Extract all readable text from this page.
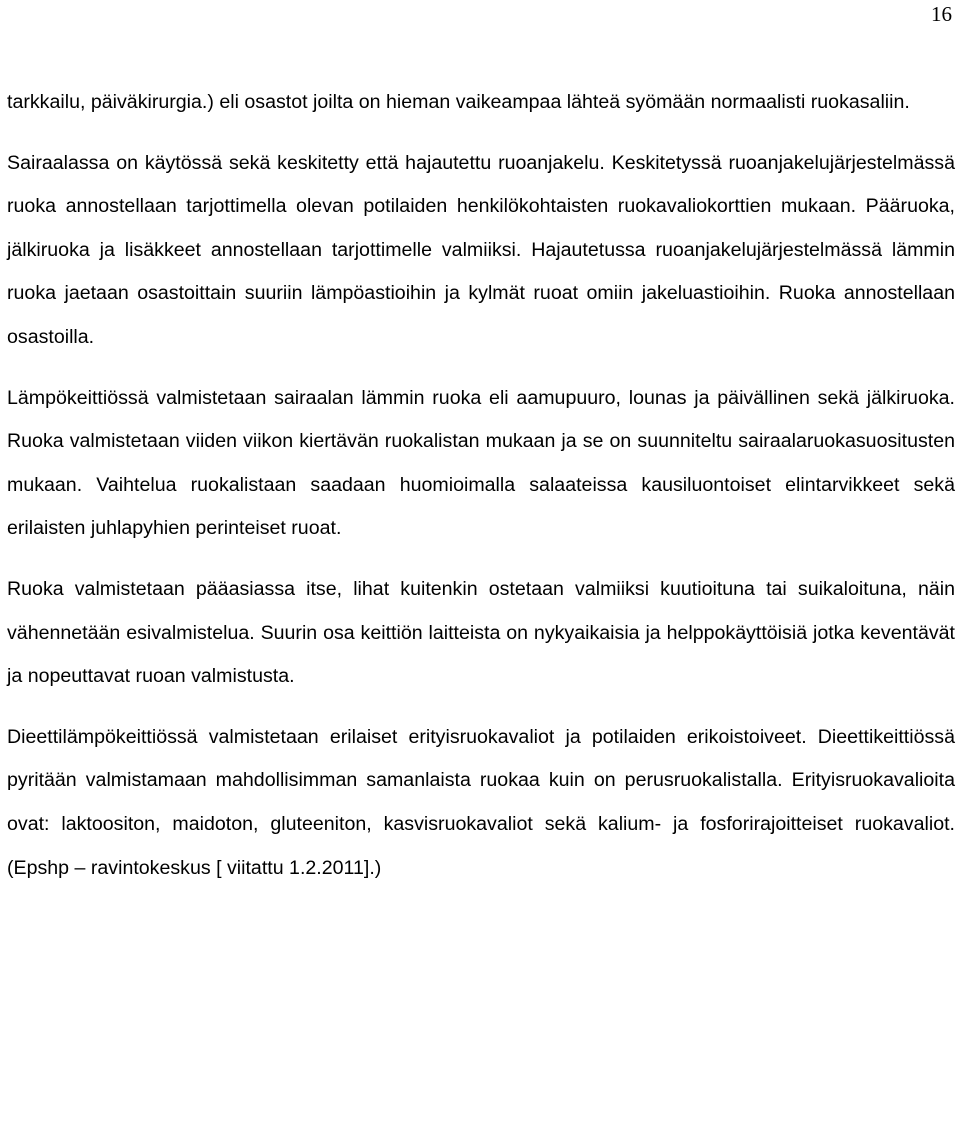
16

tarkkailu, päiväkirurgia.) eli osastot joilta on hieman vaikeampaa lähteä syömään normaalisti ruokasaliin.

Sairaalassa on käytössä sekä keskitetty että hajautettu ruoanjakelu. Keskitetyssä ruoanjakelujärjestelmässä ruoka annostellaan tarjottimella olevan potilaiden henkilökohtaisten ruokavaliokorttien mukaan. Pääruoka, jälkiruoka ja lisäkkeet annostellaan tarjottimelle valmiiksi. Hajautetussa ruoanjakelujärjestelmässä lämmin ruoka jaetaan osastoittain suuriin lämpöastioihin ja kylmät ruoat omiin jakeluastioihin. Ruoka annostellaan osastoilla.

Lämpökeittiössä valmistetaan sairaalan lämmin ruoka eli aamupuuro, lounas ja päivällinen sekä jälkiruoka. Ruoka valmistetaan viiden viikon kiertävän ruokalistan mukaan ja se on suunniteltu sairaalaruokasuositusten mukaan. Vaihtelua ruokalistaan saadaan huomioimalla salaateissa kausiluontoiset elintarvikkeet sekä erilaisten juhlapyhien perinteiset ruoat.

Ruoka valmistetaan pääasiassa itse, lihat kuitenkin ostetaan valmiiksi kuutioituna tai suikaloituna, näin vähennetään esivalmistelua. Suurin osa keittiön laitteista on nykyaikaisia ja helppokäyttöisiä jotka keventävät ja nopeuttavat ruoan valmistusta.

Dieettilämpökeittiössä valmistetaan erilaiset erityisruokavaliot ja potilaiden erikoistoiveet. Dieettikeittiössä pyritään valmistamaan mahdollisimman samanlaista ruokaa kuin on perusruokalistalla. Erityisruokavalioita ovat: laktoositon, maidoton, gluteeniton, kasvisruokavaliot sekä kalium- ja fosforirajoitteiset ruokavaliot. (Epshp – ravintokeskus [ viitattu 1.2.2011].)
